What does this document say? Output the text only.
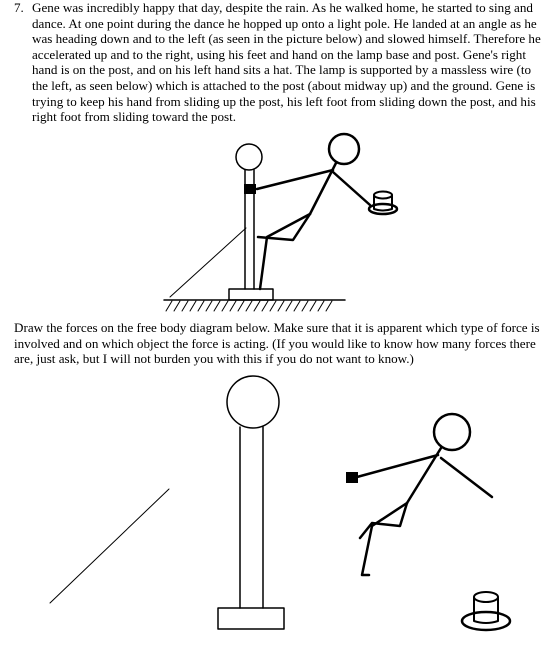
7. Gene was incredibly happy that day, despite the rain. As he walked home, he started to sing and dance. At one point during the dance he hopped up onto a light pole. He landed at an angle as he was heading down and to the left (as seen in the picture below) and slowed himself. Therefore he accelerated up and to the right, using his feet and hand on the lamp base and post. Gene's right hand is on the post, and on his left hand sits a hat. The lamp is supported by a massless wire (to the left, as seen below) which is attached to the post (about midway up) and the ground. Gene is trying to keep his hand from sliding up the post, his left foot from sliding down the post, and his right foot from sliding toward the post.
Draw the forces on the free body diagram below. Make sure that it is apparent which type of force is involved and on which object the force is acting. (If you would like to know how many forces there are, just ask, but I will not burden you with this if you do not want to know.)
